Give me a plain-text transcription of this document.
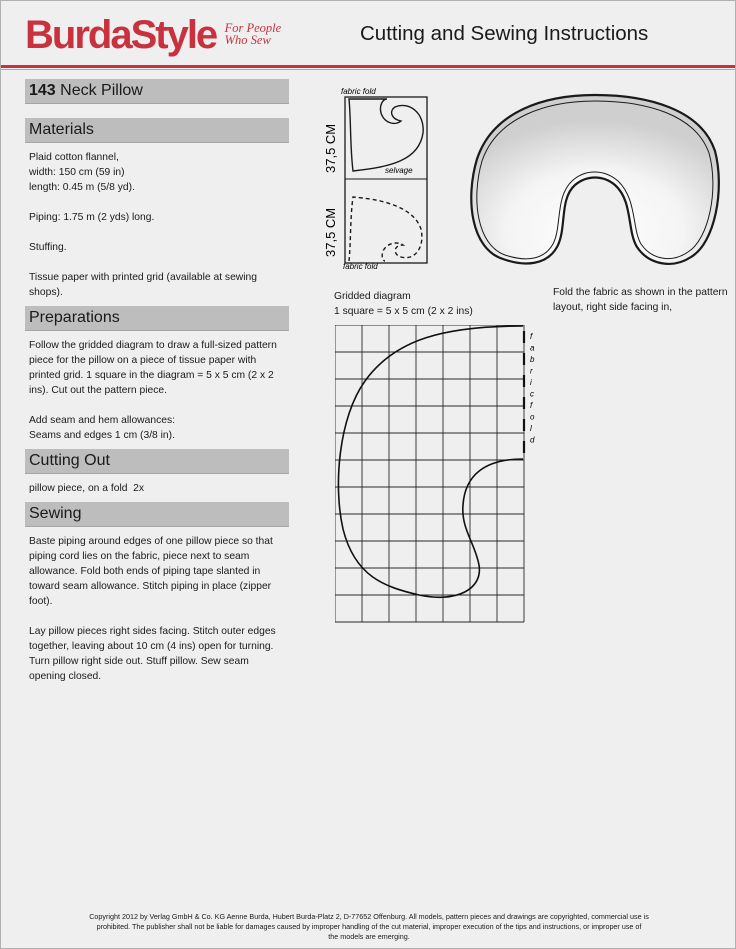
BurdaStyle For People
Who Sew	Cutting and Sewing Instructions
143 Neck Pillow
Materials

Plaid cotton flannel,
width: 150 cm (59 in)
length: 0.45 m (5/8 yd).

Piping: 1.75 m (2 yds) long.

Stuffing.

Tissue paper with printed grid (available at sewing shops).

Preparations

Follow the gridded diagram to draw a full-sized pattern piece for the pillow on a piece of tissue paper with printed grid. 1 square in the diagram = 5 x 5 cm (2 x 2 ins). Cut out the pattern piece.

Add seam and hem allowances:
Seams and edges 1 cm (3/8 in).

Cutting Out

pillow piece, on a fold  2x

Sewing

Baste piping around edges of one pillow piece so that piping cord lies on the fabric, piece next to seam allowance. Fold both ends of piping tape slanted in toward seam allowance. Stitch piping in place (zipper foot).

Lay pillow pieces right sides facing. Stitch outer edges together, leaving about 10 cm (4 ins) open for turning. Turn pillow right side out. Stuff pillow. Sew seam opening closed.

fabric fold
fabric fold
selvage
37,5 CM
37,5 CM
Gridded diagram
1 square = 5 x 5 cm (2 x 2 ins)
f
a
b
r
i
c
f
o
l
d
Fold the fabric as shown in the pattern layout, right side facing in,
Copyright 2012 by Verlag GmbH & Co. KG Aenne Burda, Hubert Burda-Platz 2, D-77652 Offenburg. All models, pattern pieces and drawings are copyrighted, commercial use is
prohibited. The publisher shall not be liable for damages caused by improper handling of the cut material, improper execution of the tips and instructions, or improper use of
the models are emerging.
